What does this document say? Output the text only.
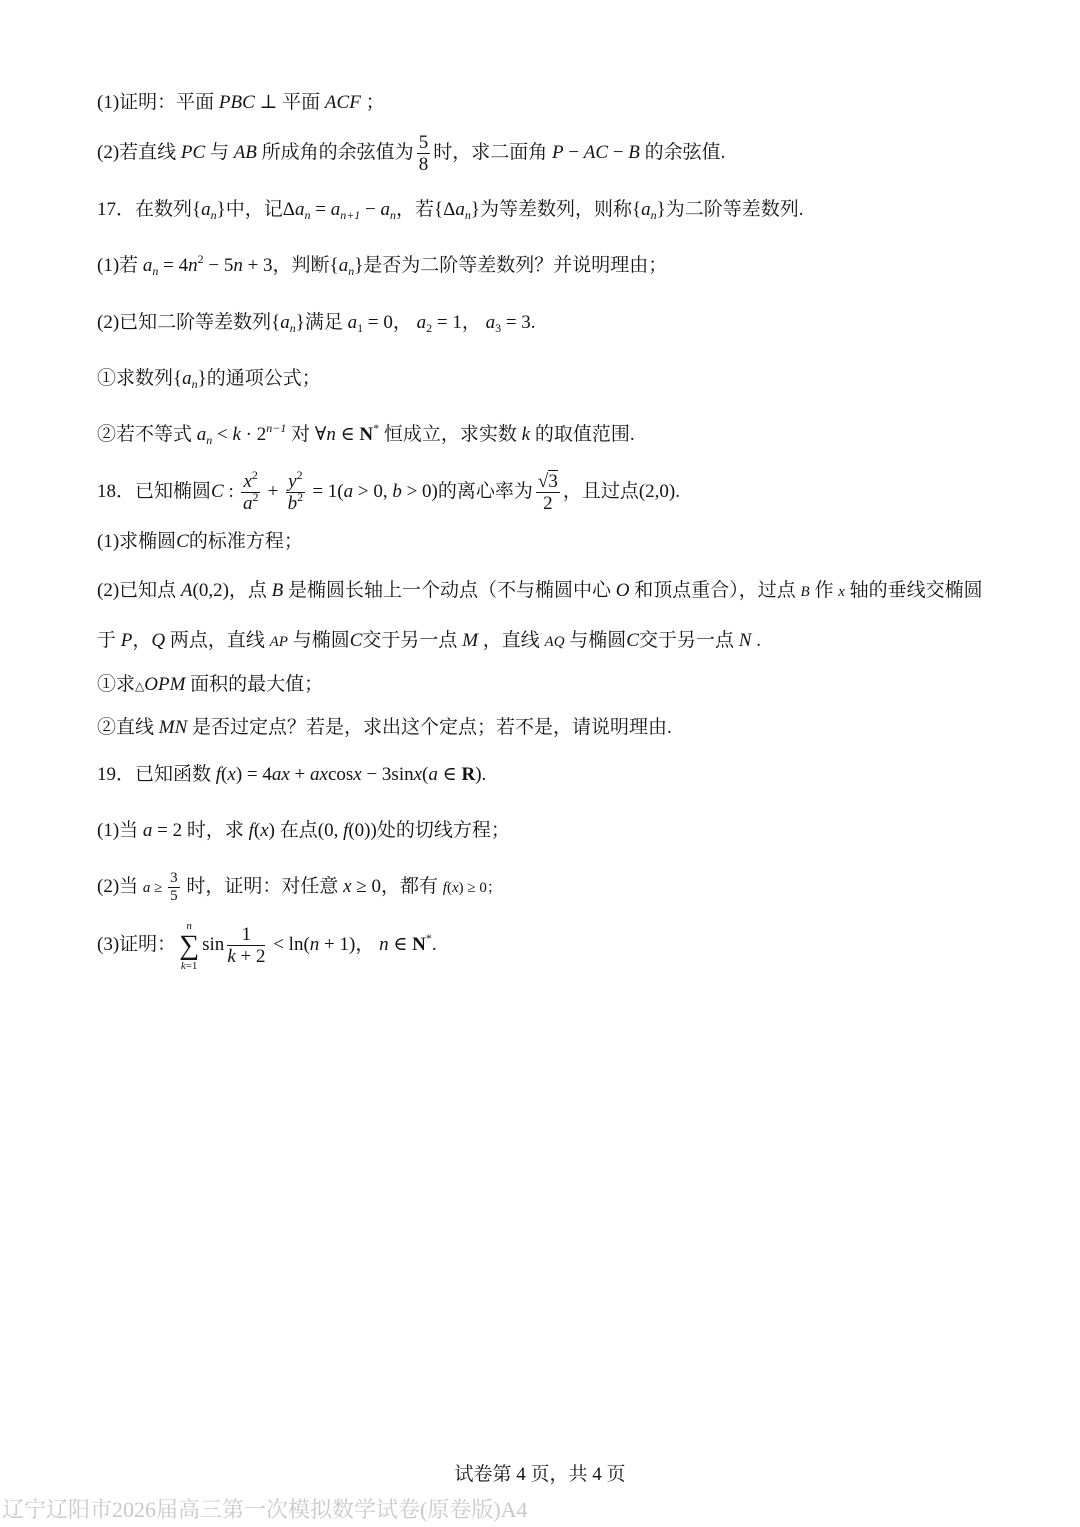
(1)证明：平面 PBC ⊥ 平面 ACF ；
(2)若直线 PC 与 AB 所成角的余弦值为 $\frac{5}{8}$ 时，求二面角 P − AC − B 的余弦值.
17．在数列$\{a_n\}$中，记$\Delta a_n = a_{n+1} - a_n$，若$\{\Delta a_n\}$为等差数列，则称$\{a_n\}$为二阶等差数列.
(1)若 $a_n = 4n^2 - 5n + 3$，判断$\{a_n\}$是否为二阶等差数列？并说明理由；
(2)已知二阶等差数列$\{a_n\}$满足 $a_1 = 0$， $a_2 = 1$， $a_3 = 3$.
①求数列$\{a_n\}$的通项公式；
②若不等式 $a_n < k \cdot 2^{n-1}$ 对 ∀n ∈ N* 恒成立，求实数 k 的取值范围.
18．已知椭圆C : $\frac{x^2}{a^2} + \frac{y^2}{b^2} = 1(a > 0$, b > 0)的离心率为 $\frac{√3}{2}$ ，且过点(2,0).
(1)求椭圆C的标准方程；
(2)已知点 A(0,2)，点 B 是椭圆长轴上一个动点（不与椭圆中心 O 和顶点重合），过点 B 作 x 轴的垂线交椭圆
于 P，Q 两点，直线 AP 与椭圆C交于另一点 M ，直线 AQ 与椭圆C交于另一点 N .
①求△OPM 面积的最大值；
②直线 MN 是否过定点？若是，求出这个定点；若不是，请说明理由.
19．已知函数 f(x) = 4ax + axcosx − 3sinx(a ∈ R).
(1)当 a = 2 时，求 f(x) 在点(0, f(0))处的切线方程；
(2)当 $a \ge \frac{3}{5}$ 时，证明：对任意 x ≥ 0，都有 f(x) ≥ 0；
(3)证明：
n
∑
k=1
$\sin \frac{1}{k + 2} < \ln(n + 1)$， n ∈ N*.
试卷第 4 页，共 4 页
辽宁辽阳市2026届高三第一次模拟数学试卷(原卷版)A4
